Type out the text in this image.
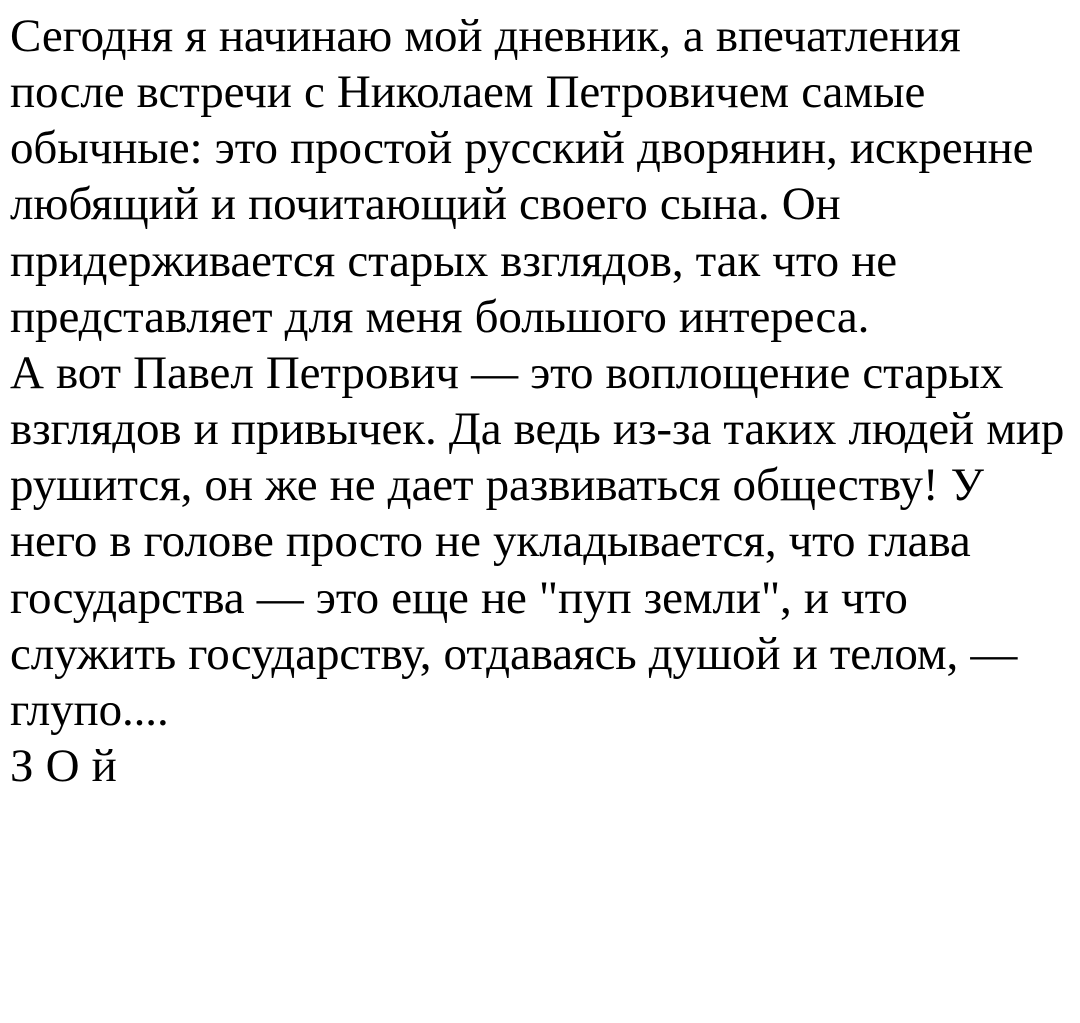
Сегодня я начинаю мой дневник, а впечатления после встречи с Николаем Петровичем самые обычные: это простой русский дворянин, искренне любящий и почитающий своего сына. Он придерживается старых взглядов, так что не представляет для меня большого интереса.

А вот Павел Петрович — это воплощение старых взглядов и привычек. Да ведь из-за таких людей мир рушится, он же не дает развиваться обществу! У него в голове просто не укладывается, что глава государства — это еще не "пуп земли", и что служить государству, отдаваясь душой и телом, — глупо....

З О й
